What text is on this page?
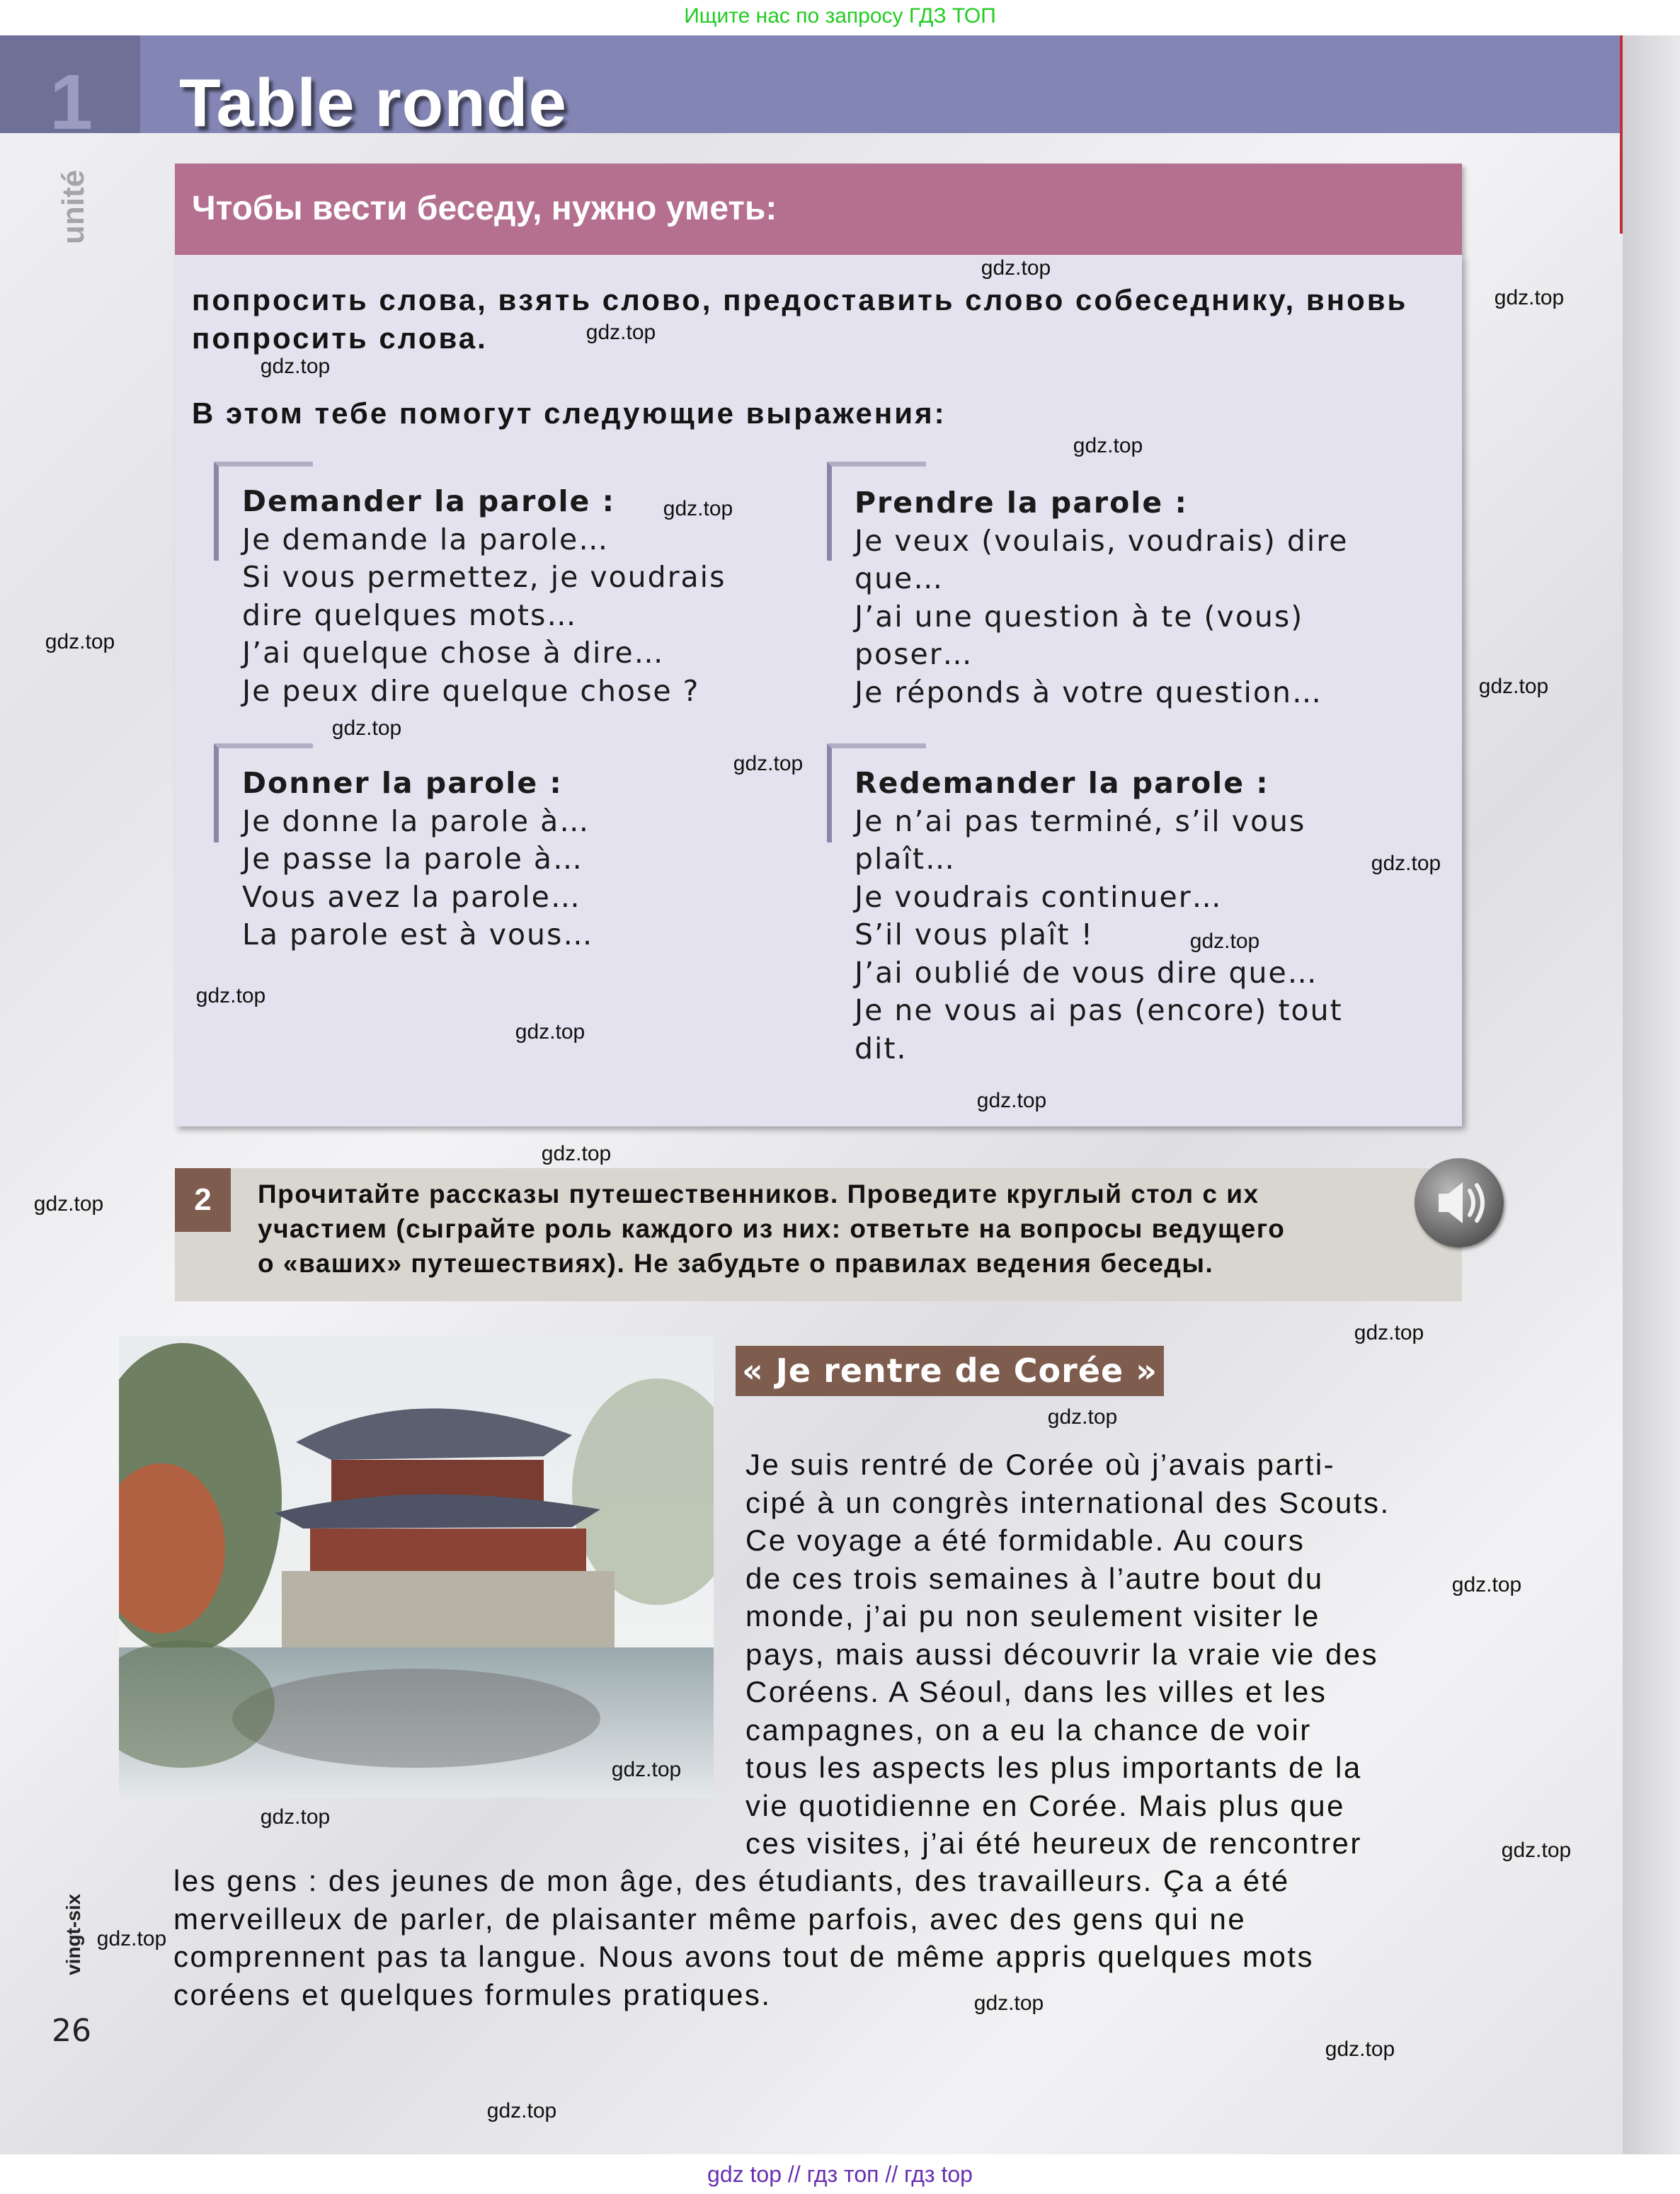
Ищите нас по запросу ГДЗ ТОП
1
unité
Table ronde
Чтобы вести беседу, нужно уметь:
попросить слова, взять слово, предоставить слово собеседнику, вновь
попросить слова.
В этом тебе помогут следующие выражения:
Demander la parole :
Je demande la parole…
Si vous permettez, je voudrais
dire quelques mots…
J’ai quelque chose à dire…
Je peux dire quelque chose ?
Prendre la parole :
Je veux (voulais, voudrais) dire
que…
J’ai une question à te (vous)
poser…
Je réponds à votre question…
Donner la parole :
Je donne la parole à…
Je passe la parole à…
Vous avez la parole…
La parole est à vous…
Redemander la parole :
Je n’ai pas terminé, s’il vous
plaît…
Je voudrais continuer…
S’il vous plaît !
J’ai oublié de vous dire que…
Je ne vous ai pas (encore) tout
dit.
2	Прочитайте рассказы путешественников. Проведите круглый стол с их
участием (сыграйте роль каждого из них: ответьте на вопросы ведущего
о «ваших» путешествиях). Не забудьте о правилах ведения беседы.
« Je rentre de Corée »
Je suis rentré de Corée où j’avais parti-
cipé à un congrès international des Scouts.
Ce voyage a été formidable. Au cours
de ces trois semaines à l’autre bout du
monde, j’ai pu non seulement visiter le
pays, mais aussi découvrir la vraie vie des
Coréens. A Séoul, dans les villes et les
campagnes, on a eu la chance de voir
tous les aspects les plus importants de la
vie quotidienne en Corée. Mais plus que
ces visites, j’ai été heureux de rencontrer
les gens : des jeunes de mon âge, des étudiants, des travailleurs. Ça a été
merveilleux de parler, de plaisanter même parfois, avec des gens qui ne
comprennent pas ta langue. Nous avons tout de même appris quelques mots
coréens et quelques formules pratiques.
26
vingt-six
gdz.top
gdz.top
gdz.top
gdz.top
gdz.top
gdz.top
gdz.top
gdz.top
gdz.top
gdz.top
gdz.top
gdz.top
gdz.top
gdz.top
gdz.top
gdz.top
gdz.top
gdz.top
gdz.top
gdz.top
gdz.top
gdz.top
gdz.top
gdz.top
gdz.top
gdz.top
gdz.top
gdz top // гдз топ // гдз top
